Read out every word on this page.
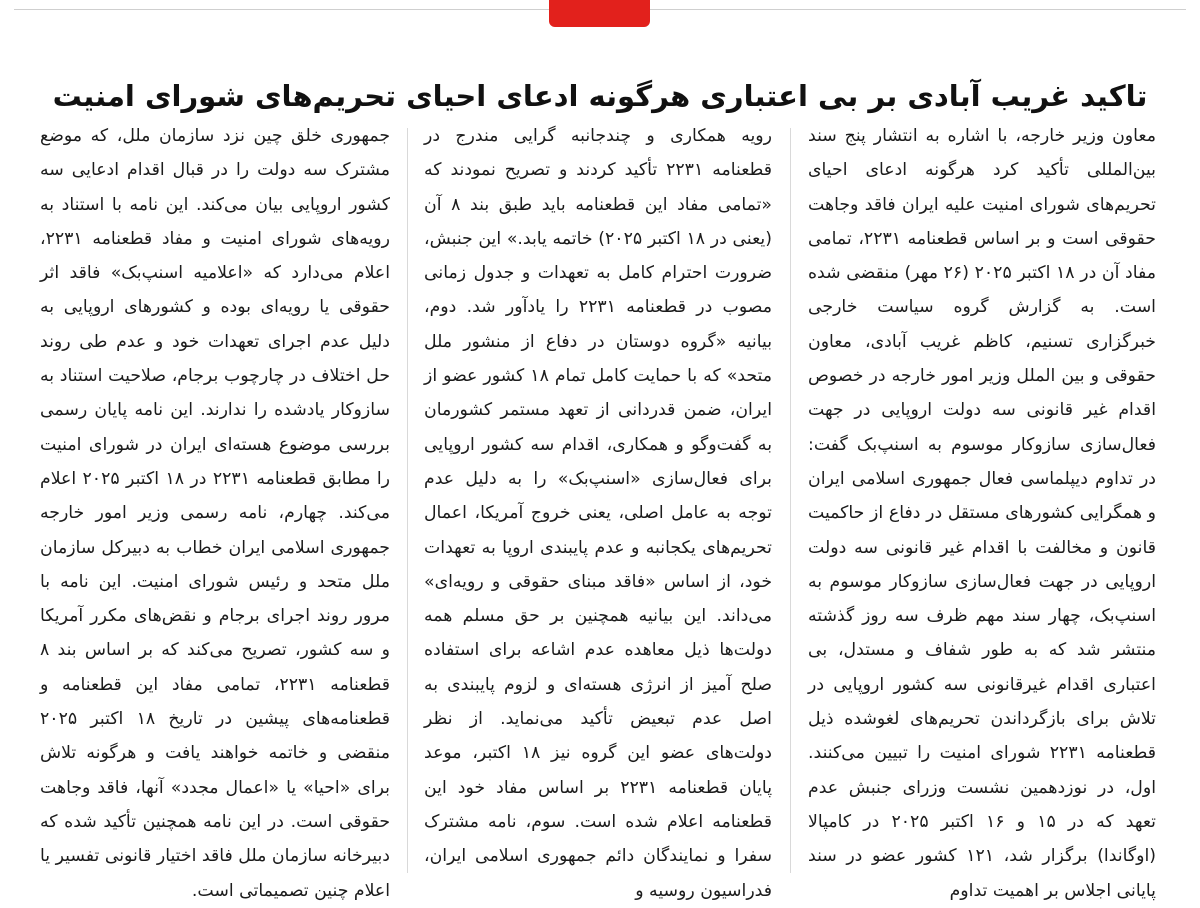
تاکید غریب آبادی بر بی اعتباری هرگونه ادعای احیای تحریم‌های شورای امنیت

معاون وزیر خارجه، با اشاره به انتشار پنج سند بین‌المللی تأکید کرد هرگونه ادعای احیای تحریم‌های شورای امنیت علیه ایران فاقد وجاهت حقوقی است و بر اساس قطعنامه ۲۲۳۱، تمامی مفاد آن در ۱۸ اکتبر ۲۰۲۵ (۲۶ مهر) منقضی شده است. به گزارش گروه سیاست خارجی خبرگزاری تسنیم، کاظم غریب آبادی، معاون حقوقی و بین الملل وزیر امور خارجه در خصوص اقدام غیر قانونی سه دولت اروپایی در جهت فعال‌سازی سازوکار موسوم به اسنپ‌بک گفت: در تداوم دیپلماسی فعال جمهوری اسلامی ایران و همگرایی کشورهای مستقل در دفاع از حاکمیت قانون و مخالفت با اقدام غیر قانونی سه دولت اروپایی در جهت فعال‌سازی سازوکار موسوم به اسنپ‌بک، چهار سند مهم ظرف سه روز گذشته منتشر شد که به طور شفاف و مستدل، بی اعتباری اقدام غیرقانونی سه کشور اروپایی در تلاش برای بازگرداندن تحریم‌های لغوشده ذیل قطعنامه ۲۲۳۱ شورای امنیت را تبیین می‌کنند. اول، در نوزدهمین نشست وزرای جنبش عدم تعهد که در ۱۵ و ۱۶ اکتبر ۲۰۲۵ در کامپالا (اوگاندا) برگزار شد، ۱۲۱ کشور عضو در سند پایانی اجلاس بر اهمیت تداوم

رویه همکاری و چندجانبه گرایی مندرج در قطعنامه ۲۲۳۱ تأکید کردند و تصریح نمودند که «تمامی مفاد این قطعنامه باید طبق بند ۸ آن (یعنی در ۱۸ اکتبر ۲۰۲۵) خاتمه یابد.» این جنبش، ضرورت احترام کامل به تعهدات و جدول زمانی مصوب در قطعنامه ۲۲۳۱ را یادآور شد. دوم، بیانیه «گروه دوستان در دفاع از منشور ملل متحد» که با حمایت کامل تمام ۱۸ کشور عضو از ایران، ضمن قدردانی از تعهد مستمر کشورمان به گفت‌وگو و همکاری، اقدام سه کشور اروپایی برای فعال‌سازی «اسنپ‌بک» را به دلیل عدم توجه به عامل اصلی، یعنی خروج آمریکا، اعمال تحریم‌های یکجانبه و عدم پایبندی اروپا به تعهدات خود، از اساس «فاقد مبنای حقوقی و رویه‌ای» می‌داند. این بیانیه همچنین بر حق مسلم همه دولت‌ها ذیل معاهده عدم اشاعه برای استفاده صلح آمیز از انرژی هسته‌ای و لزوم پایبندی به اصل عدم تبعیض تأکید می‌نماید. از نظر دولت‌های عضو این گروه نیز ۱۸ اکتبر، موعد پایان قطعنامه ۲۲۳۱ بر اساس مفاد خود این قطعنامه اعلام شده است. سوم، نامه مشترک سفرا و نمایندگان دائم جمهوری اسلامی ایران، فدراسیون روسیه و

جمهوری خلق چین نزد سازمان ملل، که موضع مشترک سه دولت را در قبال اقدام ادعایی سه کشور اروپایی بیان می‌کند. این نامه با استناد به رویه‌های شورای امنیت و مفاد قطعنامه ۲۲۳۱، اعلام می‌دارد که «اعلامیه اسنپ‌بک» فاقد اثر حقوقی یا رویه‌ای بوده و کشورهای اروپایی به دلیل عدم اجرای تعهدات خود و عدم طی روند حل اختلاف در چارچوب برجام، صلاحیت استناد به سازوکار یادشده را ندارند. این نامه پایان رسمی بررسی موضوع هسته‌ای ایران در شورای امنیت را مطابق قطعنامه ۲۲۳۱ در ۱۸ اکتبر ۲۰۲۵ اعلام می‌کند. چهارم، نامه رسمی وزیر امور خارجه جمهوری اسلامی ایران خطاب به دبیرکل سازمان ملل متحد و رئیس شورای امنیت. این نامه با مرور روند اجرای برجام و نقض‌های مکرر آمریکا و سه کشور، تصریح می‌کند که بر اساس بند ۸ قطعنامه ۲۲۳۱، تمامی مفاد این قطعنامه و قطعنامه‌های پیشین در تاریخ ۱۸ اکتبر ۲۰۲۵ منقضی و خاتمه خواهند یافت و هرگونه تلاش برای «احیا» یا «اعمال مجدد» آنها، فاقد وجاهت حقوقی است. در این نامه همچنین تأکید شده که دبیرخانه سازمان ملل فاقد اختیار قانونی تفسیر یا اعلام چنین تصمیماتی است.
